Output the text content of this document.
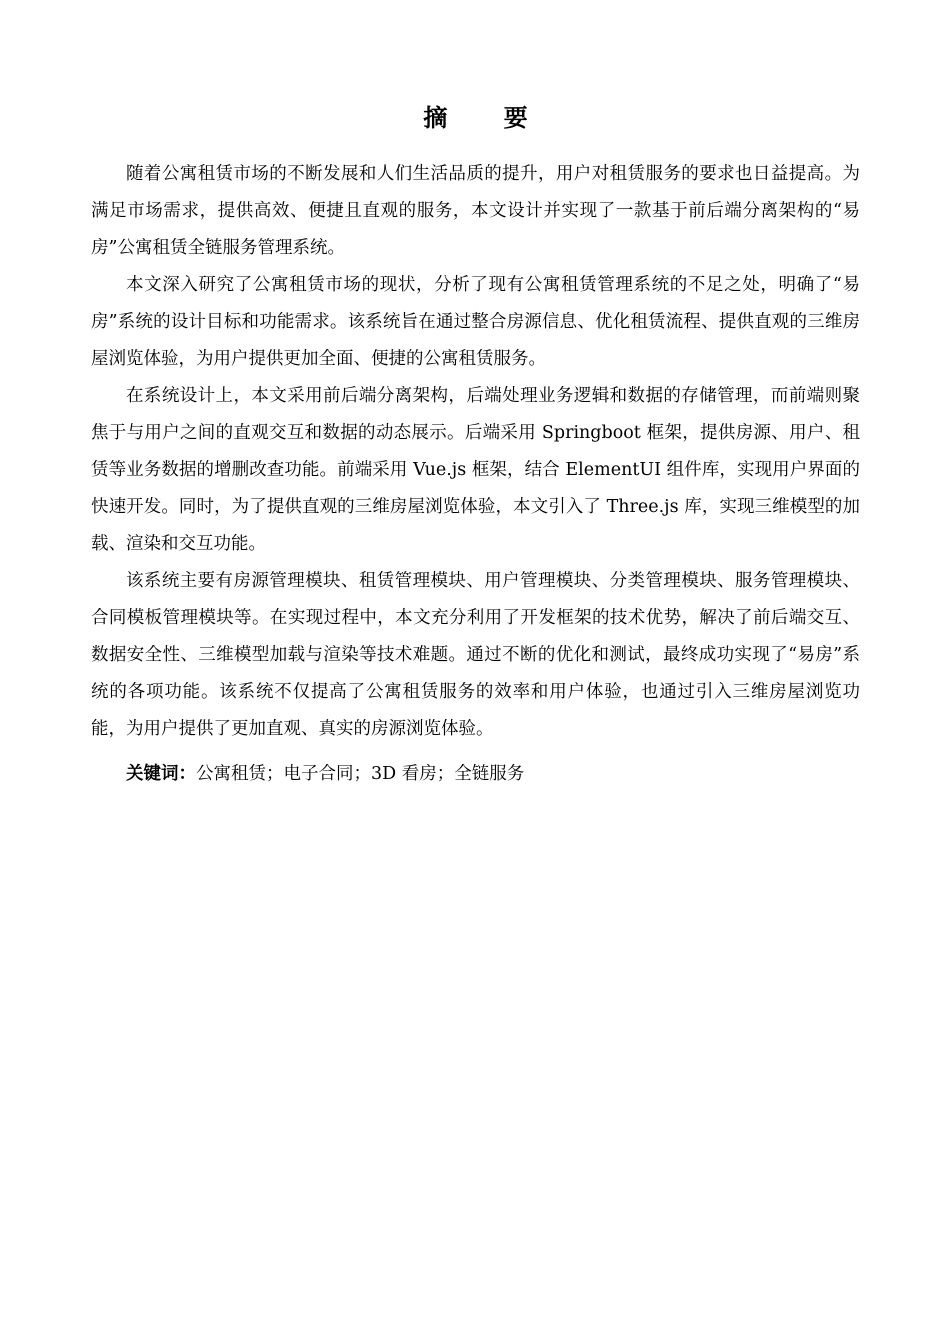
摘 要

随着公寓租赁市场的不断发展和人们生活品质的提升，用户对租赁服务的要求也日益提高。为满足市场需求，提供高效、便捷且直观的服务，本文设计并实现了一款基于前后端分离架构的“易房”公寓租赁全链服务管理系统。

本文深入研究了公寓租赁市场的现状，分析了现有公寓租赁管理系统的不足之处，明确了“易房”系统的设计目标和功能需求。该系统旨在通过整合房源信息、优化租赁流程、提供直观的三维房屋浏览体验，为用户提供更加全面、便捷的公寓租赁服务。

在系统设计上，本文采用前后端分离架构，后端处理业务逻辑和数据的存储管理，而前端则聚焦于与用户之间的直观交互和数据的动态展示。后端采用 Springboot 框架，提供房源、用户、租赁等业务数据的增删改查功能。前端采用 Vue.js 框架，结合 ElementUI 组件库，实现用户界面的快速开发。同时，为了提供直观的三维房屋浏览体验，本文引入了 Three.js 库，实现三维模型的加载、渲染和交互功能。

该系统主要有房源管理模块、租赁管理模块、用户管理模块、分类管理模块、服务管理模块、合同模板管理模块等。在实现过程中，本文充分利用了开发框架的技术优势，解决了前后端交互、数据安全性、三维模型加载与渲染等技术难题。通过不断的优化和测试，最终成功实现了“易房”系统的各项功能。该系统不仅提高了公寓租赁服务的效率和用户体验，也通过引入三维房屋浏览功能，为用户提供了更加直观、真实的房源浏览体验。

关键词：公寓租赁；电子合同；3D 看房；全链服务
